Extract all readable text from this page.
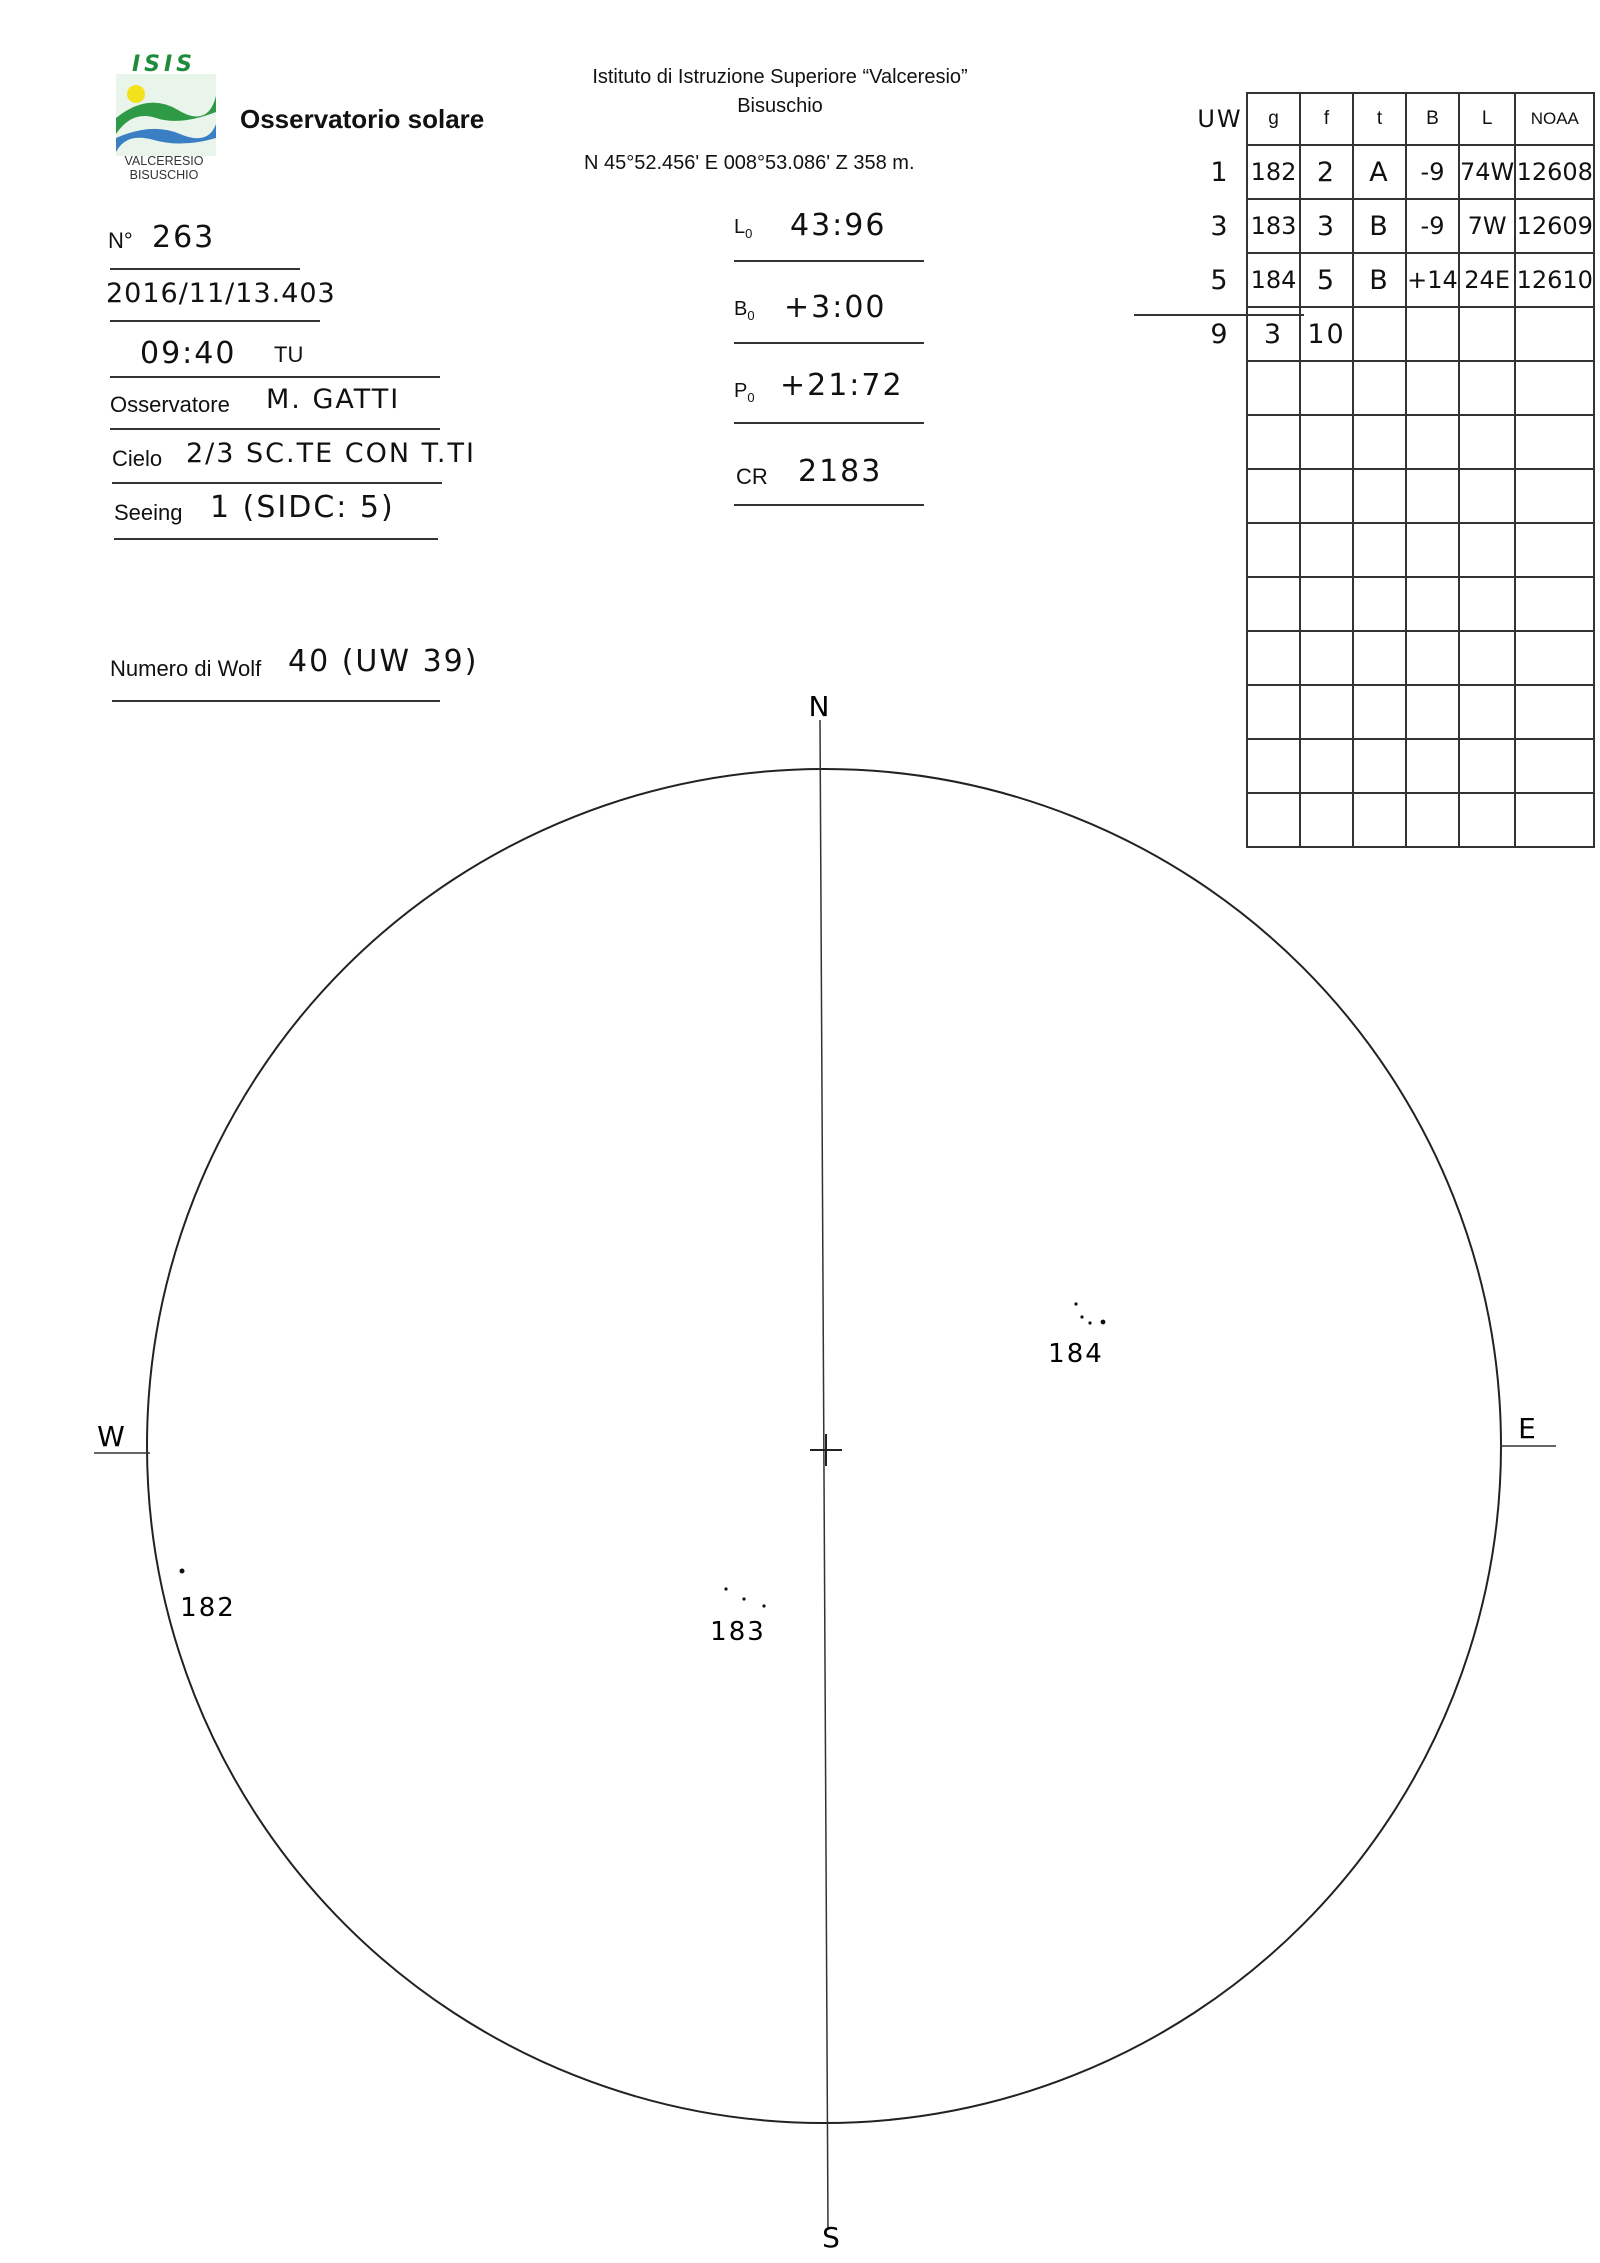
ISIS
VALCERESIO
BISUSCHIO
Osservatorio solare
Istituto di Istruzione Superiore “Valceresio”
Bisuschio
N 45°52.456' E 008°53.086' Z 358 m.
N° 263
2016/11/13.403
09:40 TU
Osservatore M. GATTI
Cielo 2/3 SC.TE CON T.TI
Seeing 1 (SIDC: 5)
Numero di Wolf 40 (UW 39)
$L_0$ 43:96
$B_0$ +3:00
$P_0$ +21:72
CR 2183
UW	g	f	t	B	L	NOAA
1	182	2	A	-9	74W	12608
3	183	3	B	-9	7W	12609
5	184	5	B	+14	24E	12610
9	3	10				

N
S
W	E
182
183
184
